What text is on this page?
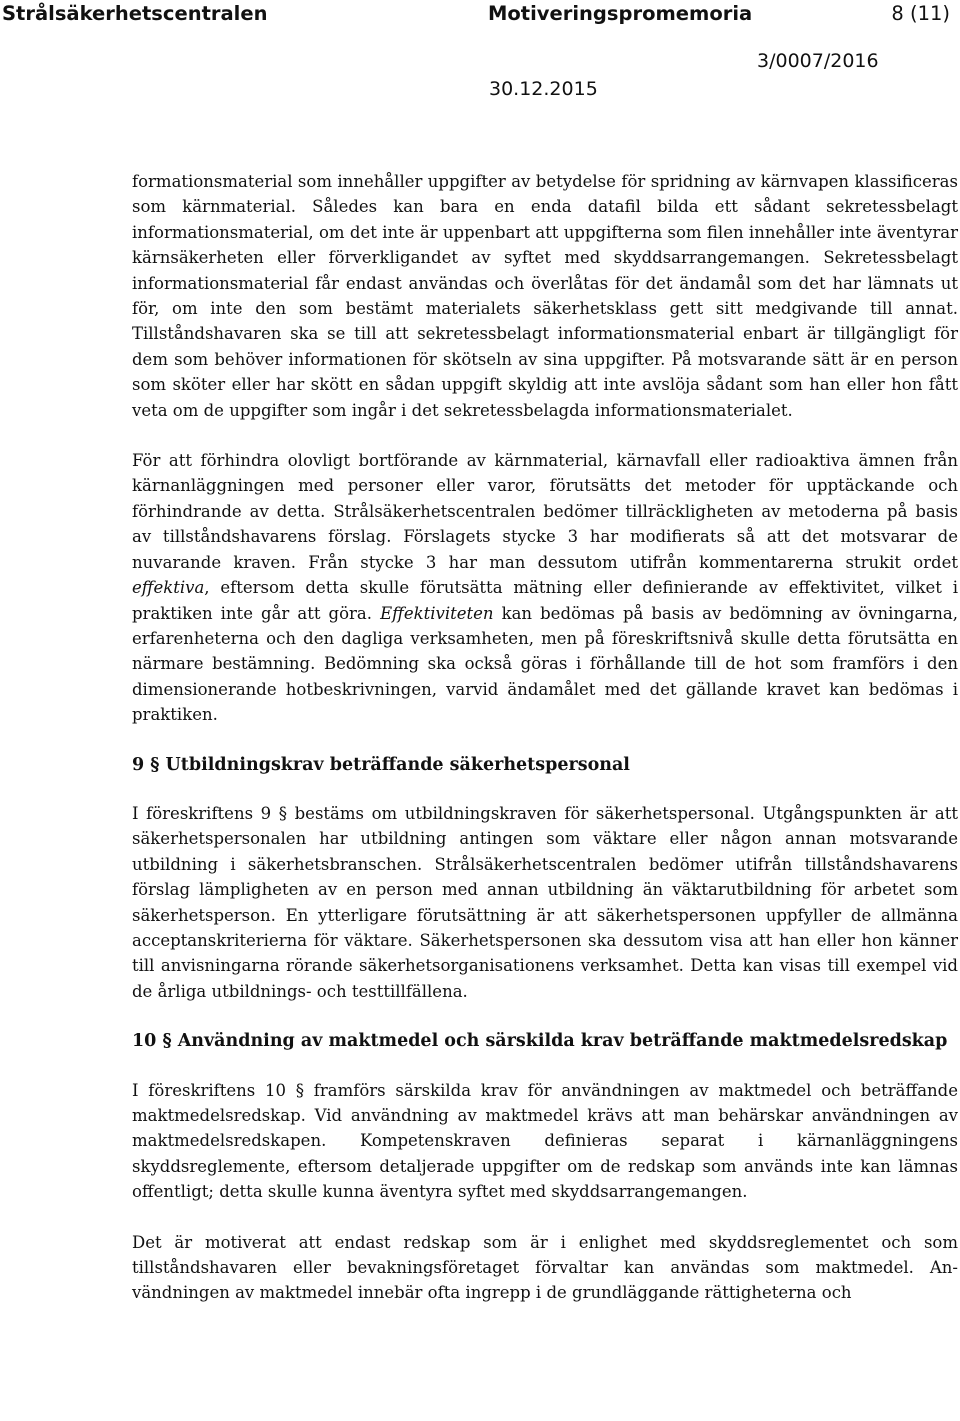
Strålsäkerhetscentralen	Motiveringspromemoria	8 (11)
3/0007/2016
30.12.2015

formationsmaterial som innehåller uppgifter av betydelse för spridning av kärnvapen klassificeras som kärnmaterial. Således kan bara en enda datafil bilda ett sådant sekretessbelagt informationsmaterial, om det inte är uppenbart att uppgifterna som filen innehåller inte äventyrar kärnsäkerheten eller förverkligandet av syftet med skyddsarrangemangen. Sekretessbelagt informationsmaterial får endast användas och överlåtas för det ändamål som det har lämnats ut för, om inte den som bestämt materialets säkerhetsklass gett sitt medgivande till annat. Tillståndshavaren ska se till att sekretessbelagt informationsmaterial enbart är tillgängligt för dem som behöver informationen för skötseln av sina uppgifter. På motsvarande sätt är en person som sköter eller har skött en sådan uppgift skyldig att inte avslöja sådant som han eller hon fått veta om de uppgifter som ingår i det sekretessbelagda informationsmaterialet.

För att förhindra olovligt bortförande av kärnmaterial, kärnavfall eller radioaktiva ämnen från kärnanläggningen med personer eller varor, förutsätts det metoder för upptäckande och förhindrande av detta. Strålsäkerhetscentralen bedömer tillräckligheten av metoderna på basis av tillståndshavarens förslag. Förslagets stycke 3 har modifierats så att det motsvarar de nuvarande kraven. Från stycke 3 har man dessutom utifrån kommentarerna strukit ordet effektiva, eftersom detta skulle förutsätta mätning eller definierande av effektivitet, vilket i praktiken inte går att göra. Effektiviteten kan bedömas på basis av bedömning av övningarna, erfarenheterna och den dagliga verksamheten, men på föreskriftsnivå skulle detta förutsätta en närmare bestämning. Bedömning ska också göras i förhållande till de hot som framförs i den dimensionerande hotbeskrivningen, varvid ändamålet med det gällande kravet kan bedömas i praktiken.

9 § Utbildningskrav beträffande säkerhetspersonal

I föreskriftens 9 § bestäms om utbildningskraven för säkerhetspersonal. Utgångspunkten är att säkerhetspersonalen har utbildning antingen som väktare eller någon annan motsvarande utbildning i säkerhetsbranschen. Strålsäkerhetscentralen bedömer utifrån tillståndshavarens förslag lämpligheten av en person med annan utbildning än väktarutbildning för arbetet som säkerhetsperson. En ytterligare förutsättning är att säkerhetspersonen uppfyller de allmänna acceptanskriterierna för väktare. Säkerhetspersonen ska dessutom visa att han eller hon känner till anvisningarna rörande säkerhetsorganisationens verksamhet. Detta kan visas till exempel vid de årliga utbildnings- och testtillfällena.

10 § Användning av maktmedel och särskilda krav beträffande maktmedelsredskap

I föreskriftens 10 § framförs särskilda krav för användningen av maktmedel och beträffande maktmedelsredskap. Vid användning av maktmedel krävs att man behärskar användningen av maktmedelsredskapen. Kompetenskraven definieras separat i kärnanläggningens skyddsreglemente, eftersom detaljerade uppgifter om de redskap som används inte kan lämnas offentligt; detta skulle kunna äventyra syftet med skyddsarrangemangen.

Det är motiverat att endast redskap som är i enlighet med skyddsreglementet och som tillståndshavaren eller bevakningsföretaget förvaltar kan användas som maktmedel. Användningen av maktmedel innebär ofta ingrepp i de grundläggande rättigheterna och
